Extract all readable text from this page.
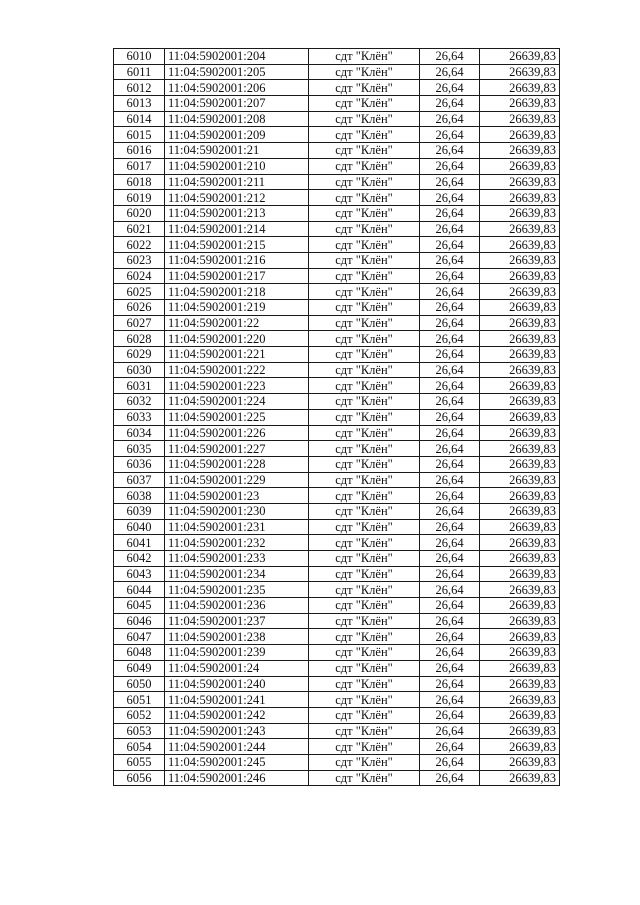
6010	11:04:5902001:204	сдт "Клён"	26,64	26639,83
6011	11:04:5902001:205	сдт "Клён"	26,64	26639,83
6012	11:04:5902001:206	сдт "Клён"	26,64	26639,83
6013	11:04:5902001:207	сдт "Клён"	26,64	26639,83
6014	11:04:5902001:208	сдт "Клён"	26,64	26639,83
6015	11:04:5902001:209	сдт "Клён"	26,64	26639,83
6016	11:04:5902001:21	сдт "Клён"	26,64	26639,83
6017	11:04:5902001:210	сдт "Клён"	26,64	26639,83
6018	11:04:5902001:211	сдт "Клён"	26,64	26639,83
6019	11:04:5902001:212	сдт "Клён"	26,64	26639,83
6020	11:04:5902001:213	сдт "Клён"	26,64	26639,83
6021	11:04:5902001:214	сдт "Клён"	26,64	26639,83
6022	11:04:5902001:215	сдт "Клён"	26,64	26639,83
6023	11:04:5902001:216	сдт "Клён"	26,64	26639,83
6024	11:04:5902001:217	сдт "Клён"	26,64	26639,83
6025	11:04:5902001:218	сдт "Клён"	26,64	26639,83
6026	11:04:5902001:219	сдт "Клён"	26,64	26639,83
6027	11:04:5902001:22	сдт "Клён"	26,64	26639,83
6028	11:04:5902001:220	сдт "Клён"	26,64	26639,83
6029	11:04:5902001:221	сдт "Клён"	26,64	26639,83
6030	11:04:5902001:222	сдт "Клён"	26,64	26639,83
6031	11:04:5902001:223	сдт "Клён"	26,64	26639,83
6032	11:04:5902001:224	сдт "Клён"	26,64	26639,83
6033	11:04:5902001:225	сдт "Клён"	26,64	26639,83
6034	11:04:5902001:226	сдт "Клён"	26,64	26639,83
6035	11:04:5902001:227	сдт "Клён"	26,64	26639,83
6036	11:04:5902001:228	сдт "Клён"	26,64	26639,83
6037	11:04:5902001:229	сдт "Клён"	26,64	26639,83
6038	11:04:5902001:23	сдт "Клён"	26,64	26639,83
6039	11:04:5902001:230	сдт "Клён"	26,64	26639,83
6040	11:04:5902001:231	сдт "Клён"	26,64	26639,83
6041	11:04:5902001:232	сдт "Клён"	26,64	26639,83
6042	11:04:5902001:233	сдт "Клён"	26,64	26639,83
6043	11:04:5902001:234	сдт "Клён"	26,64	26639,83
6044	11:04:5902001:235	сдт "Клён"	26,64	26639,83
6045	11:04:5902001:236	сдт "Клён"	26,64	26639,83
6046	11:04:5902001:237	сдт "Клён"	26,64	26639,83
6047	11:04:5902001:238	сдт "Клён"	26,64	26639,83
6048	11:04:5902001:239	сдт "Клён"	26,64	26639,83
6049	11:04:5902001:24	сдт "Клён"	26,64	26639,83
6050	11:04:5902001:240	сдт "Клён"	26,64	26639,83
6051	11:04:5902001:241	сдт "Клён"	26,64	26639,83
6052	11:04:5902001:242	сдт "Клён"	26,64	26639,83
6053	11:04:5902001:243	сдт "Клён"	26,64	26639,83
6054	11:04:5902001:244	сдт "Клён"	26,64	26639,83
6055	11:04:5902001:245	сдт "Клён"	26,64	26639,83
6056	11:04:5902001:246	сдт "Клён"	26,64	26639,83
